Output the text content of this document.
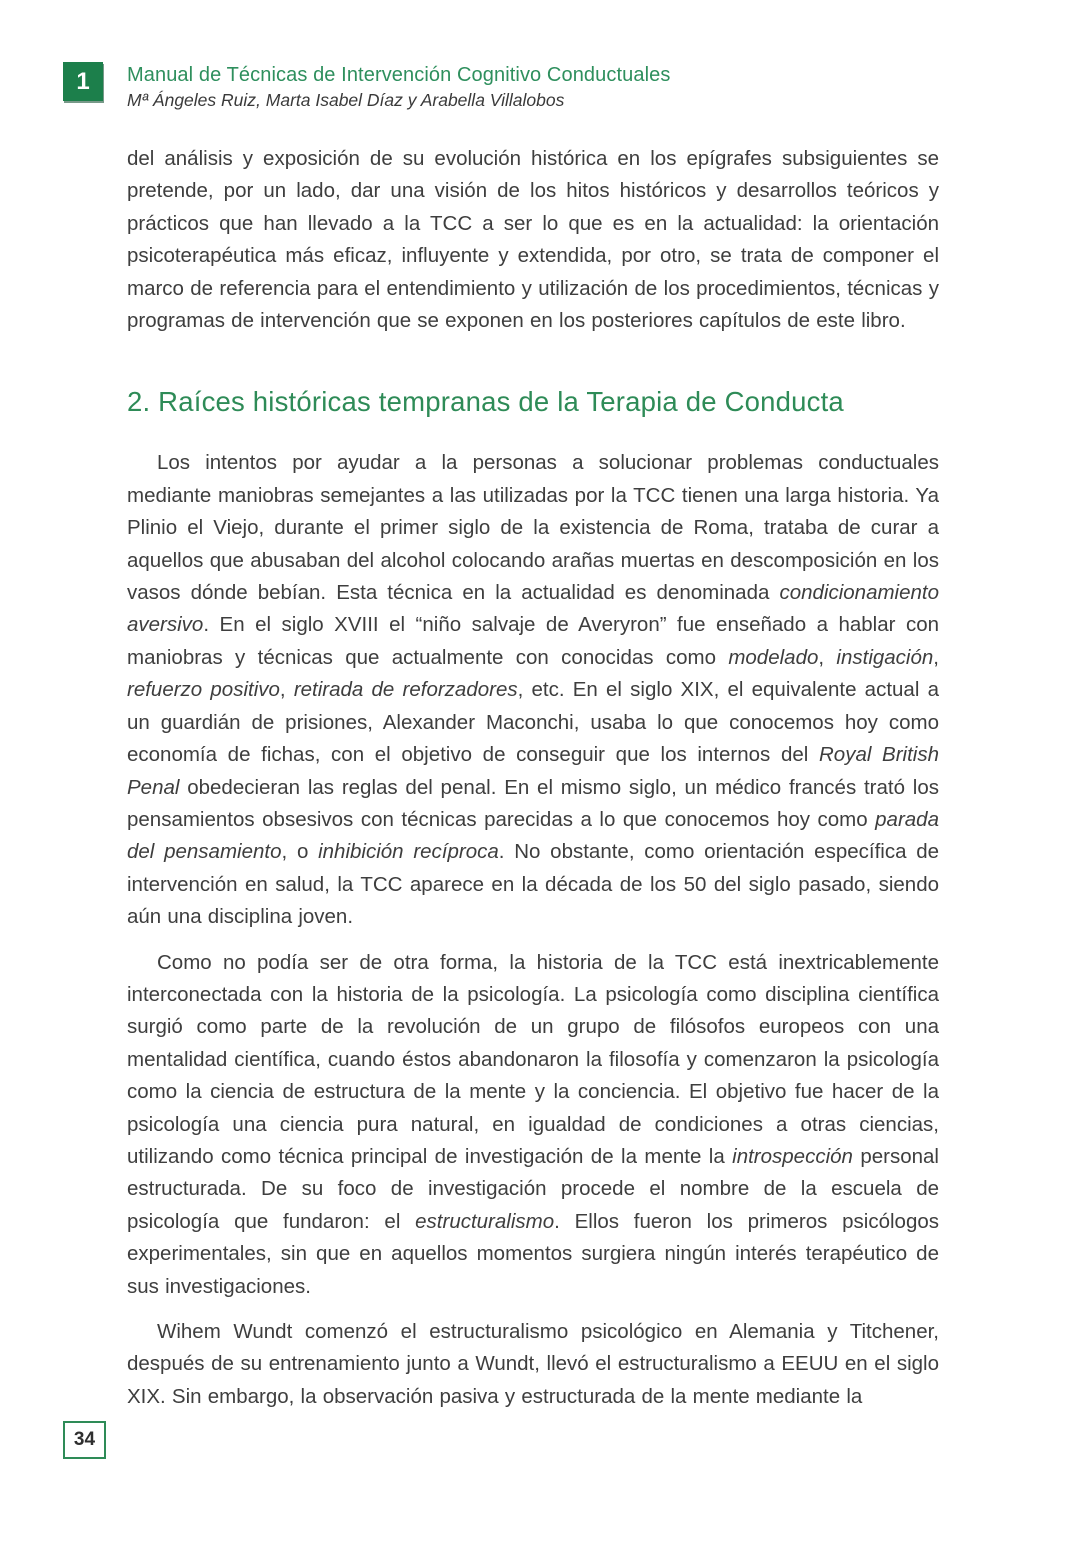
1 Manual de Técnicas de Intervención Cognitivo Conductuales
Mª Ángeles Ruiz, Marta Isabel Díaz y Arabella Villalobos

del análisis y exposición de su evolución histórica en los epígrafes subsiguientes se pretende, por un lado, dar una visión de los hitos históricos y desarrollos teóricos y prácticos que han llevado a la TCC a ser lo que es en la actualidad: la orientación psicoterapéutica más eficaz, influyente y extendida, por otro, se trata de componer el marco de referencia para el entendimiento y utilización de los procedimientos, técnicas y programas de intervención que se exponen en los posteriores capítulos de este libro.

2. Raíces históricas tempranas de la Terapia de Conducta

Los intentos por ayudar a la personas a solucionar problemas conductuales mediante maniobras semejantes a las utilizadas por la TCC tienen una larga historia. Ya Plinio el Viejo, durante el primer siglo de la existencia de Roma, trataba de curar a aquellos que abusaban del alcohol colocando arañas muertas en descomposición en los vasos dónde bebían. Esta técnica en la actualidad es denominada condicionamiento aversivo. En el siglo XVIII el “niño salvaje de Averyron” fue enseñado a hablar con maniobras y técnicas que actualmente con conocidas como modelado, instigación, refuerzo positivo, retirada de reforzadores, etc. En el siglo XIX, el equivalente actual a un guardián de prisiones, Alexander Maconchi, usaba lo que conocemos hoy como economía de fichas, con el objetivo de conseguir que los internos del Royal British Penal obedecieran las reglas del penal. En el mismo siglo, un médico francés trató los pensamientos obsesivos con técnicas parecidas a lo que conocemos hoy como parada del pensamiento, o inhibición recíproca. No obstante, como orientación específica de intervención en salud, la TCC aparece en la década de los 50 del siglo pasado, siendo aún una disciplina joven.

Como no podía ser de otra forma, la historia de la TCC está inextricablemente interconectada con la historia de la psicología. La psicología como disciplina científica surgió como parte de la revolución de un grupo de filósofos europeos con una mentalidad científica, cuando éstos abandonaron la filosofía y comenzaron la psicología como la ciencia de estructura de la mente y la conciencia. El objetivo fue hacer de la psicología una ciencia pura natural, en igualdad de condiciones a otras ciencias, utilizando como técnica principal de investigación de la mente la introspección personal estructurada. De su foco de investigación procede el nombre de la escuela de psicología que fundaron: el estructuralismo. Ellos fueron los primeros psicólogos experimentales, sin que en aquellos momentos surgiera ningún interés terapéutico de sus investigaciones.

Wihem Wundt comenzó el estructuralismo psicológico en Alemania y Titchener, después de su entrenamiento junto a Wundt, llevó el estructuralismo a EEUU en el siglo XIX. Sin embargo, la observación pasiva y estructurada de la mente mediante la

34
